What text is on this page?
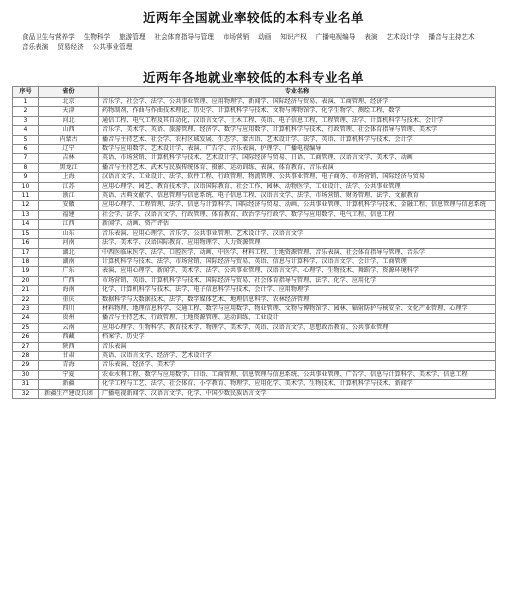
近两年全国就业率较低的本科专业名单
食品卫生与营养学 生物科学 旅游管理 社会体育指导与管理 市场营销 动画 知识产权 广播电视编导 表演 艺术设计学 播音与主持艺术音乐表演 贸易经济 公共事业管理
近两年各地就业率较低的本科专业名单
序号	省份	专业名称
1	北京	音乐学、社会学、法学、公共事业管理、应用物理学、新闻学、国际经济与贸易、表演、工商管理、经济学
2	天津	药物制剂、作曲与作曲技术理论、历史学、计算机科学与技术、文物与博物馆学、化学生物学、测绘工程、数学
3	河北	通信工程、电气工程及其自动化、汉语言文学、土木工程、英语、电子信息工程、工程管理、法学、计算机科学与技术、会计学
4	山西	音乐学、美术学、英语、旅游管理、经济学、数学与应用数学、计算机科学与技术、行政管理、社会体育指导与管理、美术学
5	内蒙古	播音与主持艺术、社会学、农村区域发展、生态学、蒙古语、艺术设计学、法学、英语、计算机科学与技术、会计学
6	辽宁	数学与应用数学、艺术设计学、表演、广告学、音乐表演、护理学、广播电视编导
7	吉林	英语、市场营销、计算机科学与技术、艺术设计学、国际经济与贸易、日语、工商管理、汉语言文学、美术学、动画
8	黑龙江	播音与主持艺术、武术与民族传统体育、摄影、运动训练、表演、体育教育、音乐表演
9	上海	汉语言文学、工业设计、法学、软件工程、行政管理、物流管理、公共事业管理、电子商务、市场营销、国际经济与贸易
10	江苏	应用心理学、园艺、教育技术学、汉语国际教育、社会工作、园林、动物医学、工业设计、法学、公共事业管理
11	浙江	英语、古典文献学、信息管理与信息系统、电子信息工程、汉语言文学、法学、市场营销、财务管理、法学、文献教育
12	安徽	应用心理学、工程管理、法学、信息与计算科学、国际经济与贸易、动画、公共事业管理、计算机科学与技术、金融工程、信息管理与信息系统
13	福建	社会学、法学、汉语言文学、行政管理、体育教育、政治学与行政学、数学与应用数学、电气工程、信息工程
14	江西	新闻学、动画、资产评估
15	山东	音乐表演、应用心理学、音乐学、公共事业管理、艺术设计学、汉语言文学
16	河南	法学、美术学、汉语国际教育、应用物理学、人力资源管理
17	湖北	中西医临床医学、法学、口腔医学、动画、中医学、材料工程、土地资源管理、音乐表演、社会体育指导与管理、音乐学
18	湖南	计算机科学与技术、法学、市场营销、国际经济与贸易、英语、信息与计算科学、汉语言文学、会计学、工商管理
19	广东	表演、应用心理学、新闻学、美术学、法学、公共事业管理、汉语言文学、心理学、生物技术、舞蹈学、资源环境科学
20	广西	市场营销、英语、计算机科学与技术、国际经济与贸易、社会体育指导与管理、法学、化学、应用化学
21	海南	化学、计算机科学与技术、法学、电子信息科学与技术、会计学、应用物理学
22	重庆	数据科学与大数据技术、法学、数字媒体艺术、地理信息科学、农林经济管理
23	四川	材料物理、地理信息科学、交通工程、数学与应用数学、物业管理、文物与博物馆学、园林、辐射防护与核安全、文化产业管理、心理学
24	贵州	播音与主持艺术、行政管理、土地资源管理、运动训练、工业设计
25	云南	应用心理学、生物科学、教育技术学、物理学、美术学、英语、汉语言文学、思想政治教育、公共事业管理
26	西藏	档案学、历史学
27	陕西	音乐表演
28	甘肃	英语、汉语言文学、经济学、艺术设计学
29	青海	音乐表演、经济学、美术学
30	宁夏	农业水利工程、数学与应用数学、日语、工商管理、信息管理与信息系统、公共事业管理、广告学、信息与计算科学、美术学、信息工程
31	新疆	化学工程与工艺、法学、社会体育、小学教育、物理学、应用化学、美术学、生物技术、计算机科学与技术、新闻学
32	新疆生产建设兵团	广播电视新闻学、汉语言文学、化学、中国少数民族语言文学
